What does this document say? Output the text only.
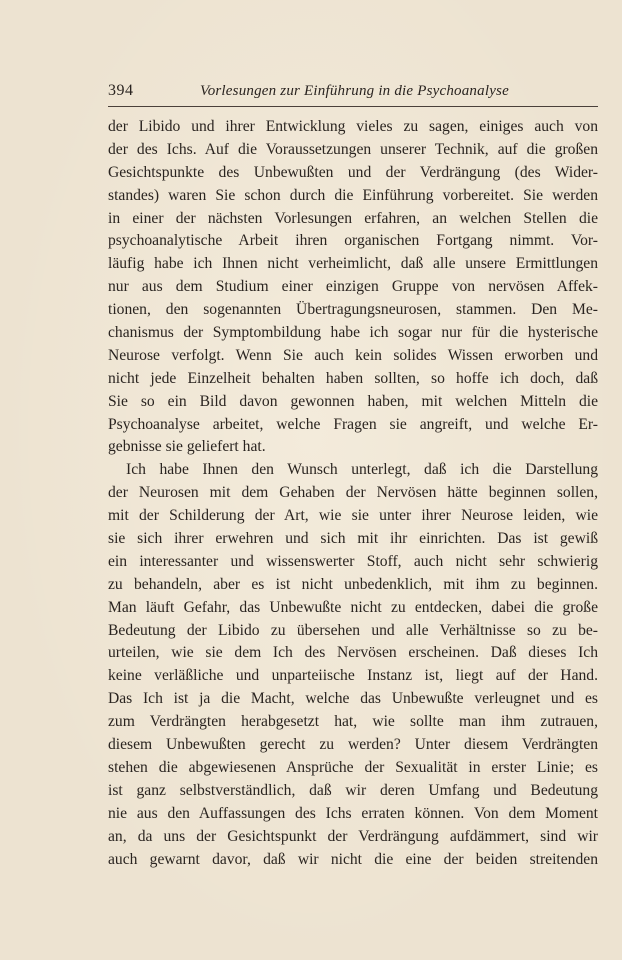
394	Vorlesungen zur Einführung in die Psychoanalyse
der Libido und ihrer Entwicklung vieles zu sagen, einiges auch von
der des Ichs. Auf die Voraussetzungen unserer Technik, auf die großen
Gesichtspunkte des Unbewußten und der Verdrängung (des Wider-
standes) waren Sie schon durch die Einführung vorbereitet. Sie werden
in einer der nächsten Vorlesungen erfahren, an welchen Stellen die
psychoanalytische Arbeit ihren organischen Fortgang nimmt. Vor-
läufig habe ich Ihnen nicht verheimlicht, daß alle unsere Ermittlungen
nur aus dem Studium einer einzigen Gruppe von nervösen Affek-
tionen, den sogenannten Übertragungsneurosen, stammen. Den Me-
chanismus der Symptombildung habe ich sogar nur für die hysterische
Neurose verfolgt. Wenn Sie auch kein solides Wissen erworben und
nicht jede Einzelheit behalten haben sollten, so hoffe ich doch, daß
Sie so ein Bild davon gewonnen haben, mit welchen Mitteln die
Psychoanalyse arbeitet, welche Fragen sie angreift, und welche Er-
gebnisse sie geliefert hat.
Ich habe Ihnen den Wunsch unterlegt, daß ich die Darstellung
der Neurosen mit dem Gehaben der Nervösen hätte beginnen sollen,
mit der Schilderung der Art, wie sie unter ihrer Neurose leiden, wie
sie sich ihrer erwehren und sich mit ihr einrichten. Das ist gewiß
ein interessanter und wissenswerter Stoff, auch nicht sehr schwierig
zu behandeln, aber es ist nicht unbedenklich, mit ihm zu beginnen.
Man läuft Gefahr, das Unbewußte nicht zu entdecken, dabei die große
Bedeutung der Libido zu übersehen und alle Verhältnisse so zu be-
urteilen, wie sie dem Ich des Nervösen erscheinen. Daß dieses Ich
keine verläßliche und unparteiische Instanz ist, liegt auf der Hand.
Das Ich ist ja die Macht, welche das Unbewußte verleugnet und es
zum Verdrängten herabgesetzt hat, wie sollte man ihm zutrauen,
diesem Unbewußten gerecht zu werden? Unter diesem Verdrängten
stehen die abgewiesenen Ansprüche der Sexualität in erster Linie; es
ist ganz selbstverständlich, daß wir deren Umfang und Bedeutung
nie aus den Auffassungen des Ichs erraten können. Von dem Moment
an, da uns der Gesichtspunkt der Verdrängung aufdämmert, sind wir
auch gewarnt davor, daß wir nicht die eine der beiden streitenden
